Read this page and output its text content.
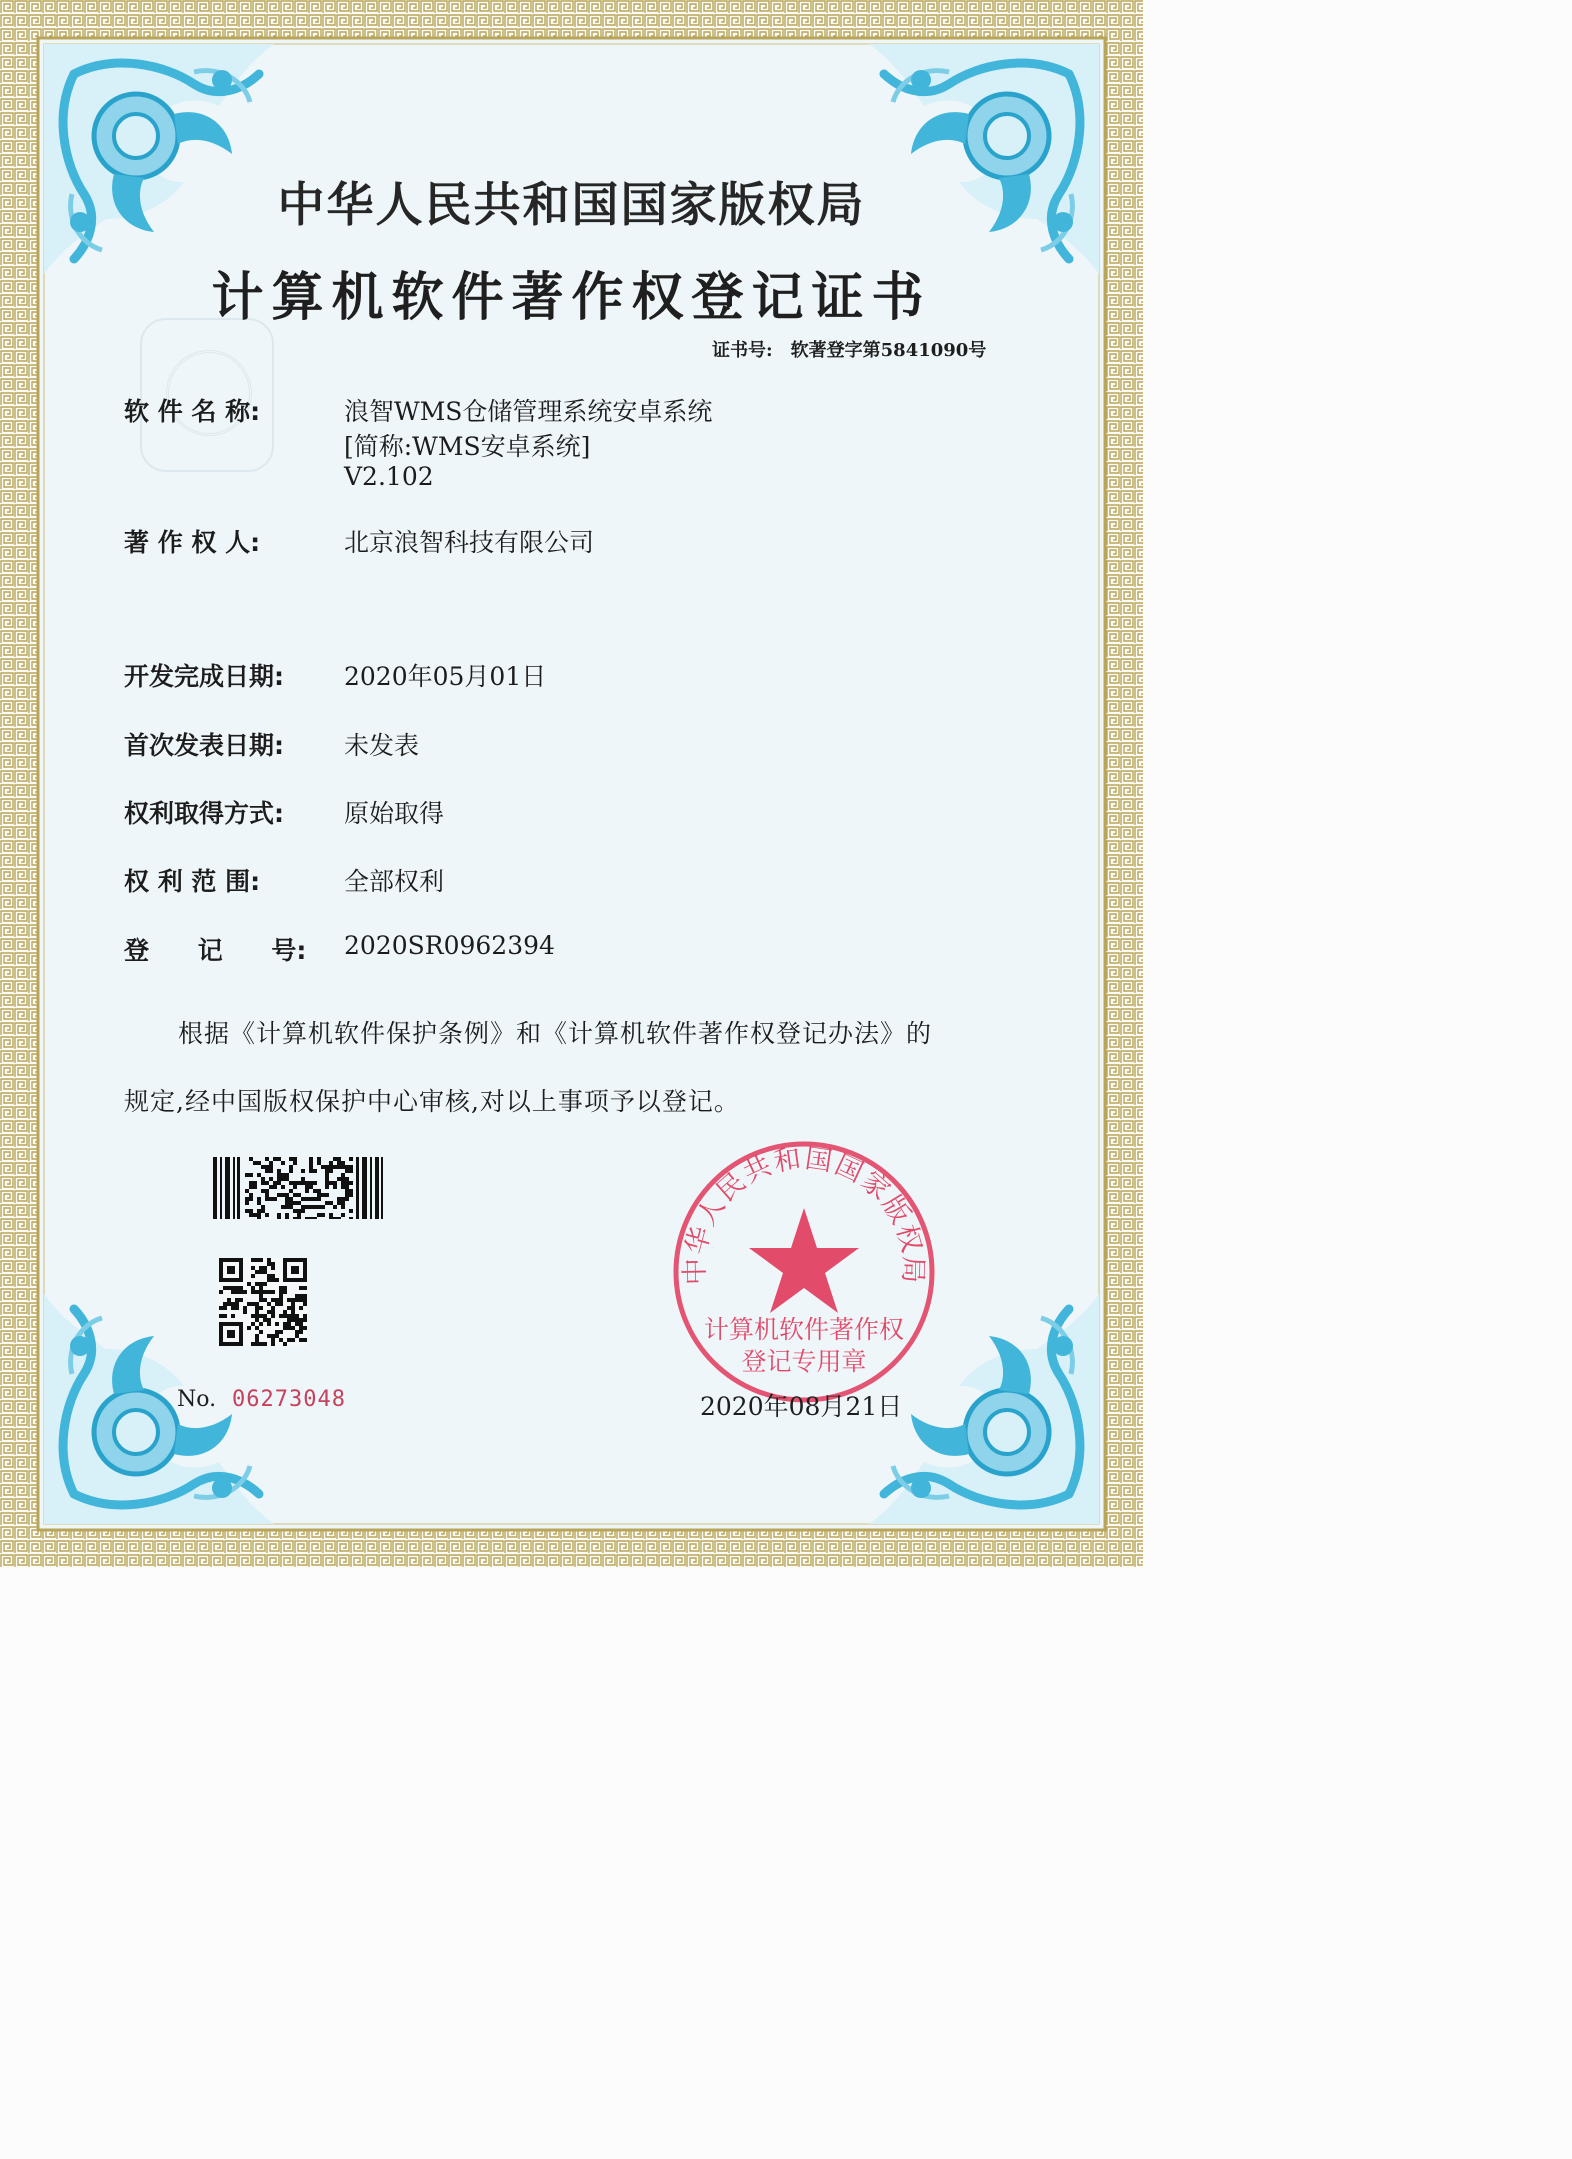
中华人民共和国国家版权局
计算机软件著作权登记证书
证书号: 软著登字第5841090号
软 件 名 称:	浪智WMS仓储管理系统安卓系统
[简称:WMS安卓系统]
V2.102
著 作 权 人:	北京浪智科技有限公司
开发完成日期: 2020年05月01日
首次发表日期: 未发表
权利取得方式: 原始取得
权 利 范 围:	全部权利
登 记 号: 2020SR0962394
根据《计算机软件保护条例》和《计算机软件著作权登记办法》的
规定,经中国版权保护中心审核,对以上事项予以登记。
No. 06273048
中华人民共和国国家版权局
计算机软件著作权
登记专用章
2020年08月21日
